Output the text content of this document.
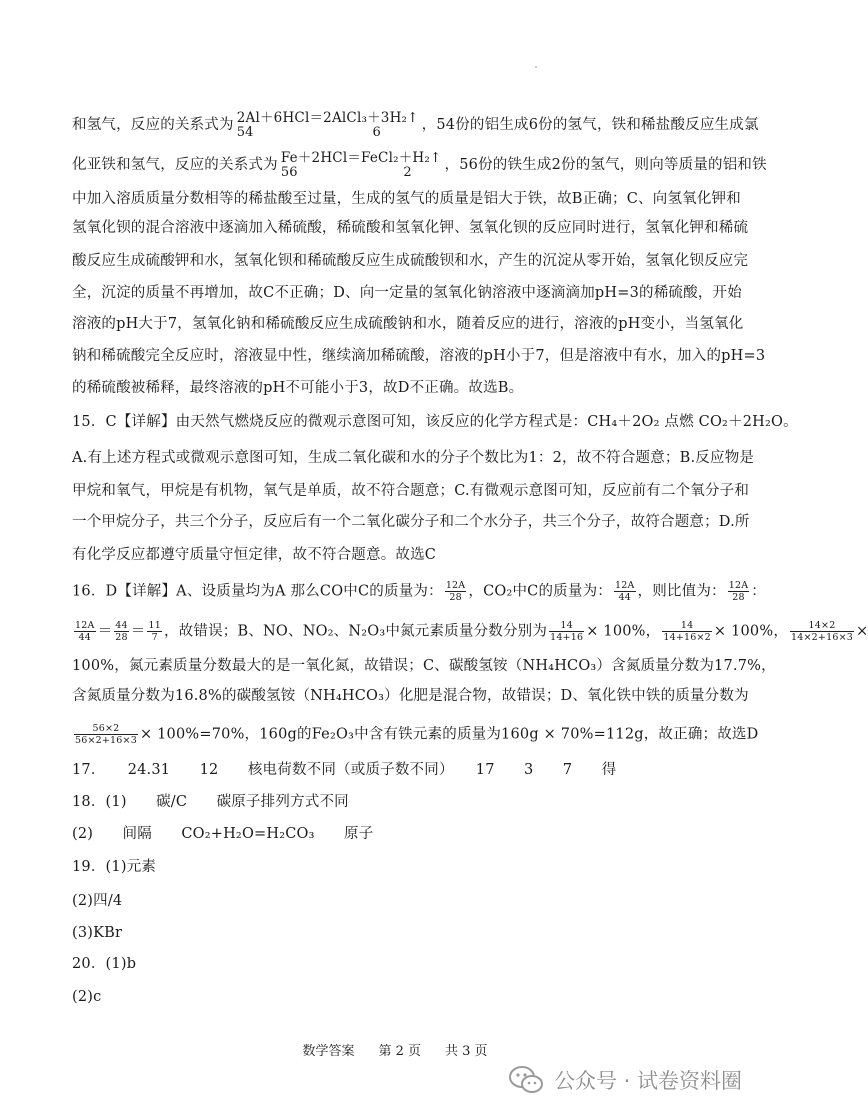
和氢气，反应的关系式为 2Al＋6HCl＝2AlCl₃＋3H₂↑
54　　　　　　　　　6	，54份的铝生成6份的氢气，铁和稀盐酸反应生成氯
化亚铁和氢气，反应的关系式为 Fe＋2HCl＝FeCl₂＋H₂↑
56　　　　　　　　2	，56份的铁生成2份的氢气，则向等质量的铝和铁
中加入溶质质量分数相等的稀盐酸至过量，生成的氢气的质量是铝大于铁，故B正确；C、向氢氧化钾和
氢氧化钡的混合溶液中逐滴加入稀硫酸，稀硫酸和氢氧化钾、氢氧化钡的反应同时进行，氢氧化钾和稀硫
酸反应生成硫酸钾和水，氢氧化钡和稀硫酸反应生成硫酸钡和水，产生的沉淀从零开始，氢氧化钡反应完
全，沉淀的质量不再增加，故C不正确；D、向一定量的氢氧化钠溶液中逐滴滴加pH=3的稀硫酸，开始
溶液的pH大于7，氢氧化钠和稀硫酸反应生成硫酸钠和水，随着反应的进行，溶液的pH变小，当氢氧化
钠和稀硫酸完全反应时，溶液显中性，继续滴加稀硫酸，溶液的pH小于7，但是溶液中有水，加入的pH=3
的稀硫酸被稀释，最终溶液的pH不可能小于3，故D不正确。故选B。
15．C【详解】由天然气燃烧反应的微观示意图可知，该反应的化学方程式是：CH₄＋2O₂ 点燃 CO₂＋2H₂O。
A.有上述方程式或微观示意图可知，生成二氧化碳和水的分子个数比为1：2，故不符合题意；B.反应物是
甲烷和氧气，甲烷是有机物，氧气是单质，故不符合题意；C.有微观示意图可知，反应前有二个氧分子和
一个甲烷分子，共三个分子，反应后有一个二氧化碳分子和二个水分子，共三个分子，故符合题意；D.所
有化学反应都遵守质量守恒定律，故不符合题意。故选C
16．D【详解】A、设质量均为A 那么CO中C的质量为： $\frac{12A}{28}$ ，CO₂中C的质量为： $\frac{12A}{44}$ ，则比值为： $\frac{12A}{28}$ ：
$\frac{12A}{44} = \frac{44}{28} = \frac{11}{7}$ ，故错误；B、NO、NO₂、N₂O₃中氮元素质量分数分别为 $\frac{14}{14+16} \times 100\%$， $\frac{14}{14+16\times 2} \times 100\%$， $\frac{14\times 2}{14\times 2+16\times 3}$ ×
100%，氮元素质量分数最大的是一氧化氮，故错误；C、碳酸氢铵（NH₄HCO₃）含氮质量分数为17.7%，
含氮质量分数为16.8%的碳酸氢铵（NH₄HCO₃）化肥是混合物，故错误；D、氧化铁中铁的质量分数为
$\frac{56\times 2}{56\times 2+16\times 3} \times 100\%=70\%$，160g的Fe₂O₃中含有铁元素的质量为160g × 70%=112g，故正确；故选D
17．　　24.31　　12　　核电荷数不同（或质子数不同）　　17　　3　　7　　得
18．(1)　　碳/C　　碳原子排列方式不同
(2)　　间隔　　CO₂+H₂O=H₂CO₃　　原子
19．(1)元素
(2)四/4
(3)KBr
20．(1)b
(2)c
数学答案 第 2 页 共 3 页
公众号 · 试卷资料圈
